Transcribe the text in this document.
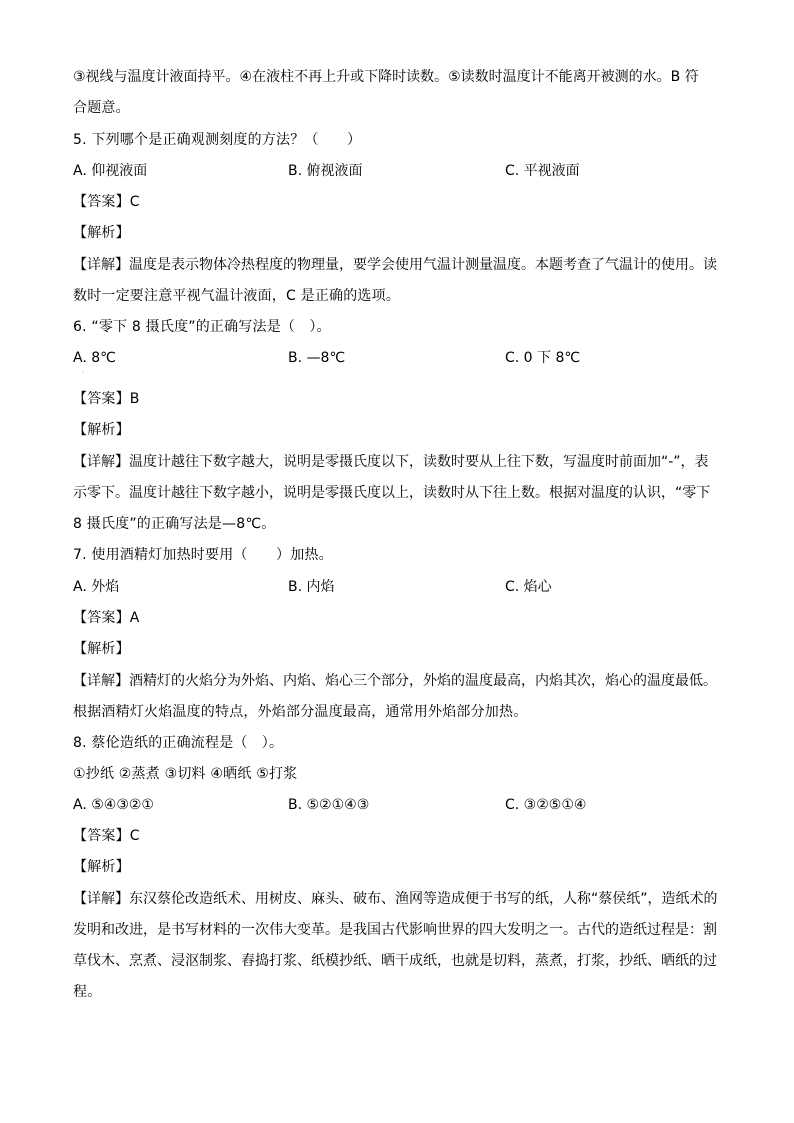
③视线与温度计液面持平。④在液柱不再上升或下降时读数。⑤读数时温度计不能离开被测的水。B 符
合题意。
5. 下列哪个是正确观测刻度的方法？（　　）
A. 仰视液面	B. 俯视液面	C. 平视液面
【答案】C
【解析】
【详解】温度是表示物体冷热程度的物理量，要学会使用气温计测量温度。本题考查了气温计的使用。读
数时一定要注意平视气温计液面，C 是正确的选项。
6. “零下 8 摄氏度”的正确写法是（　）。
A. 8℃	B. —8℃	C. 0 下 8℃
·
【答案】B
【解析】
【详解】温度计越往下数字越大，说明是零摄氏度以下，读数时要从上往下数，写温度时前面加“-”，表
示零下。温度计越往下数字越小，说明是零摄氏度以上，读数时从下往上数。根据对温度的认识，“零下
8 摄氏度”的正确写法是—8℃。
7. 使用酒精灯加热时要用（　　）加热。
A. 外焰	B. 内焰	C. 焰心
【答案】A
【解析】
【详解】酒精灯的火焰分为外焰、内焰、焰心三个部分，外焰的温度最高，内焰其次，焰心的温度最低。
根据酒精灯火焰温度的特点，外焰部分温度最高，通常用外焰部分加热。
8. 蔡伦造纸的正确流程是（　）。
①抄纸 ②蒸煮 ③切料 ④晒纸 ⑤打浆
A. ⑤④③②①	B. ⑤②①④③	C. ③②⑤①④
【答案】C
【解析】
【详解】东汉蔡伦改造纸术、用树皮、麻头、破布、渔网等造成便于书写的纸，人称“蔡侯纸”，造纸术的
发明和改进，是书写材料的一次伟大变革。是我国古代影响世界的四大发明之一。古代的造纸过程是：割
草伐木、烹煮、浸沤制浆、舂捣打浆、纸模抄纸、晒干成纸，也就是切料，蒸煮，打浆，抄纸、晒纸的过
程。
